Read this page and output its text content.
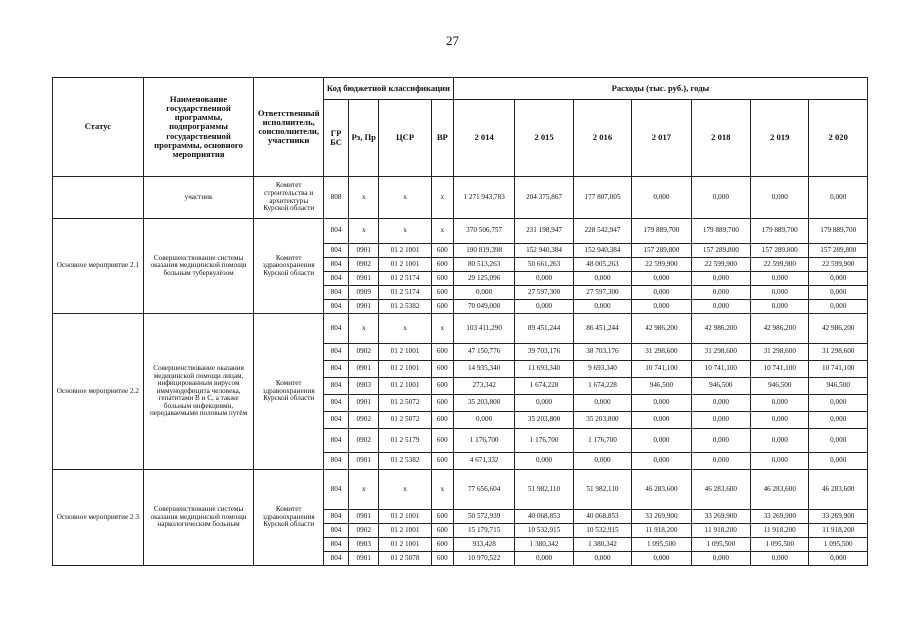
27
Статус	Наименование государственной программы, подпрограммы государственной программы, основного мероприятия	Ответственный исполнитель, соисполнители, участники	Код бюджетной классификации				Расходы (тыс. руб.), годы						
			ГР БС	Рз, Пр	ЦСР	ВР	2 014	2 015	2 016	2 017	2 018	2 019	2 020
	участник	Комитет строительства и архитектуры Курской области	808	x	x	x	1 271 943,783	204 375,867	177 807,005	0,000	0,000	0,000	0,000
Основное мероприятие 2.1	Совершенствование системы оказания медицинской помощи больным туберкулёзом	Комитет здравоохранения Курской области	804	x	x	x	370 506,757	231 198,947	228 542,947	179 889,700	179 889,700	179 889,700	179 889,700
			804	0901	01 2 1001	600	190 819,398	152 940,384	152 940,384	157 289,800	157 289,800	157 289,800	157 289,800
			804	0902	01 2 1001	600	80 513,263	50 661,263	48 005,263	22 599,900	22 599,900	22 599,900	22 599,900
			804	0901	01 2 5174	600	29 125,096	0,000	0,000	0,000	0,000	0,000	0,000
			804	0909	01 2 5174	600	0,000	27 597,300	27 597,300	0,000	0,000	0,000	0,000
			804	0901	01 2 5382	600	70 049,000	0,000	0,000	0,000	0,000	0,000	0,000
Основное мероприятие 2.2	Совершенствование оказания медицинской помощи лицам, инфицированным вирусом иммунодефицита человека, гепатитами В и С, а также больным инфекциями, передаваемыми половым путём	Комитет здравоохранения Курской области	804	x	x	x	103 411,290	89 451,244	86 451,244	42 986,200	42 986,200	42 986,200	42 986,200
			804	0902	01 2 1001	600	47 150,776	39 703,176	38 703,176	31 298,600	31 298,600	31 298,600	31 298,600
			804	0901	01 2 1001	600	14 935,340	11 693,340	9 693,340	10 741,100	10 741,100	10 741,100	10 741,100
			804	0903	01 2 1001	600	273,342	1 674,228	1 674,228	946,500	946,500	946,500	946,500
			804	0901	01 2 5072	600	35 203,800	0,000	0,000	0,000	0,000	0,000	0,000
			804	0902	01 2 5072	600	0,000	35 203,800	35 203,800	0,000	0,000	0,000	0,000
			804	0902	01 2 5179	600	1 176,700	1 176,700	1 176,700	0,000	0,000	0,000	0,000
			804	0901	01 2 5382	600	4 671,332	0,000	0,000	0,000	0,000	0,000	0,000
Основное мероприятие 2 3	Совершенствование системы оказания медицинской помощи наркологическим больным	Комитет здравоохранения Курской области	804	x	x	x	77 656,604	51 982,110	51 982,110	46 283,600	46 283,600	46 283,600	46 283,600
			804	0901	01 2 1001	600	50 572,939	40 068,853	40 068,853	33 269,900	33 269,900	33 269,900	33 269,900
			804	0902	01 2 1001	600	15 179,715	10 532,915	10 532,915	11 918,200	11 918,200	11 918,200	11 918,200
			804	0903	01 2 1001	600	933,428	1 380,342	1 380,342	1 095,500	1 095,500	1 095,500	1 095,500
			804	0901	01 2 5078	600	10 970,522	0,000	0,000	0,000	0,000	0,000	0,000
